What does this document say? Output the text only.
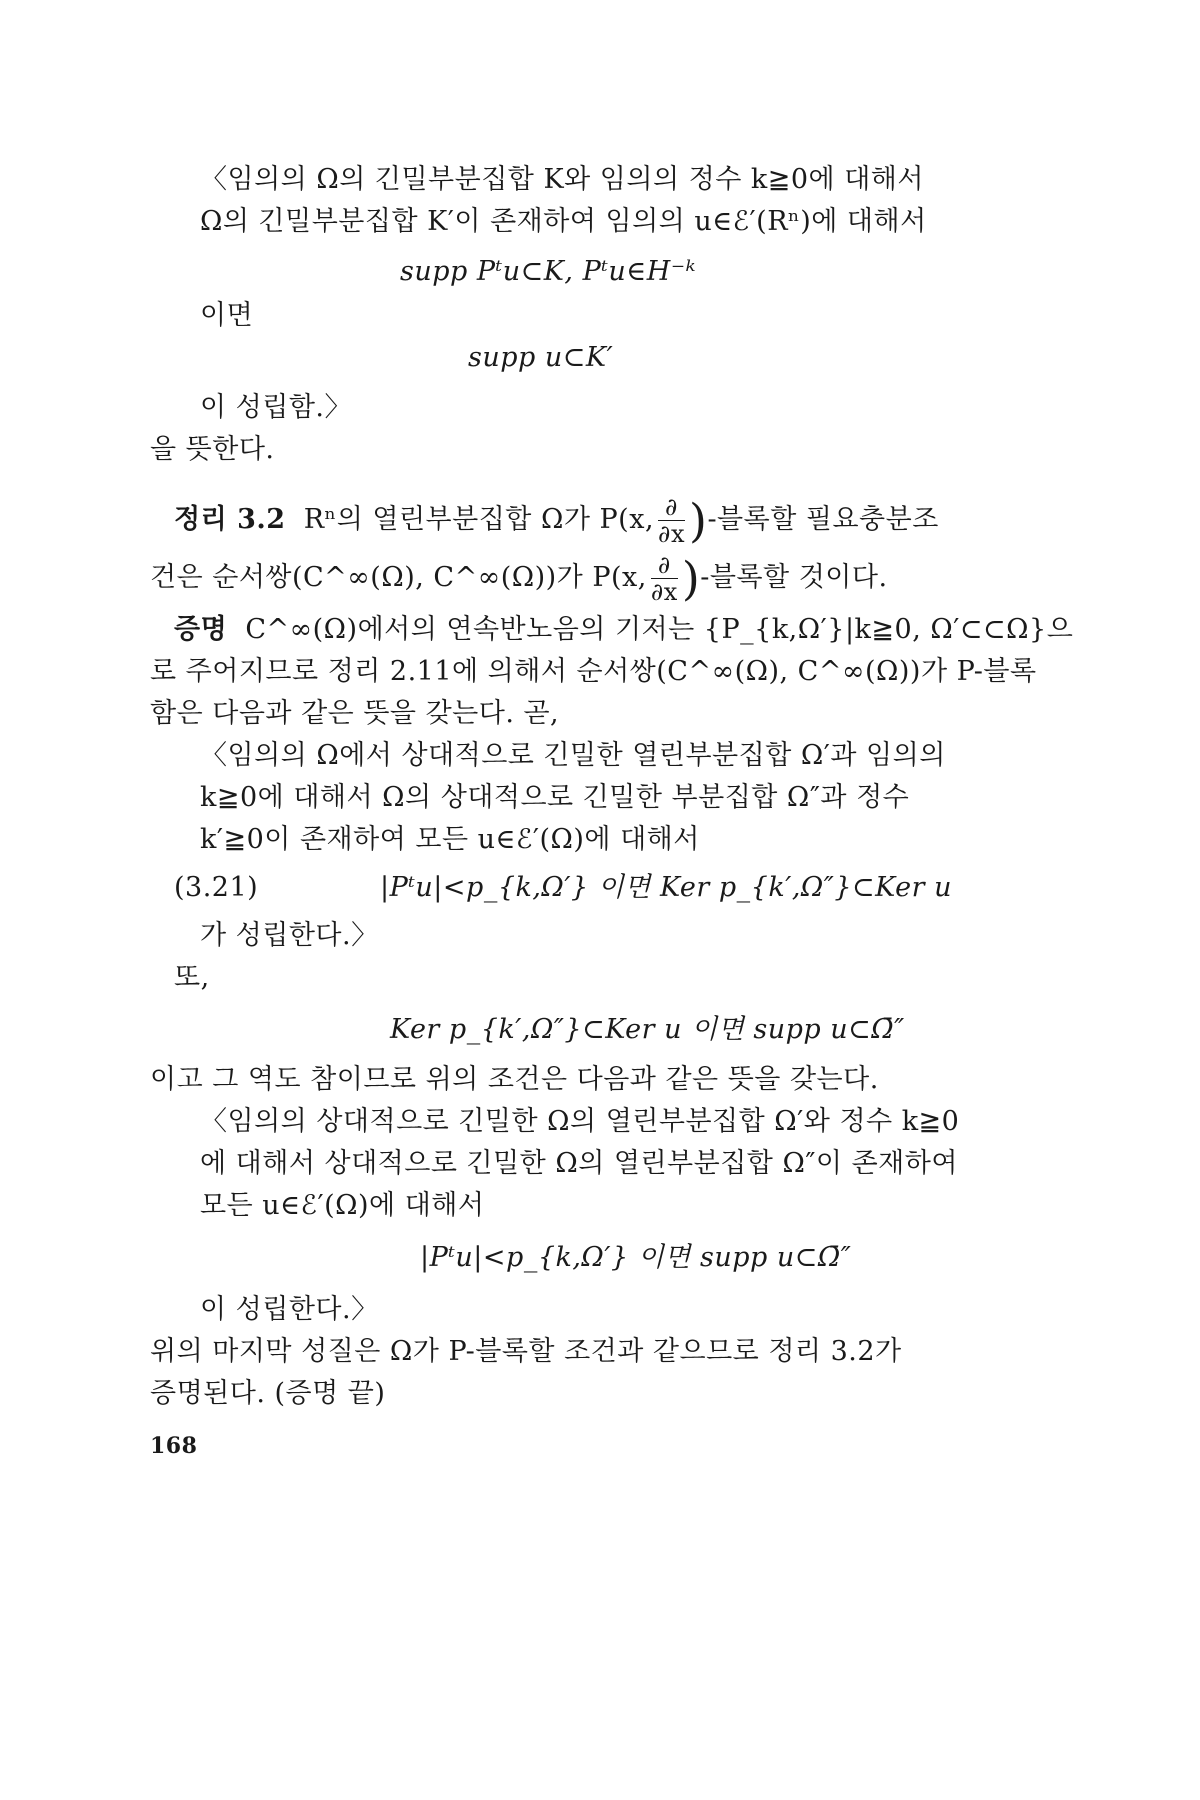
〈임의의 Ω의 긴밀부분집합 K와 임의의 정수 k≧0에 대해서
Ω의 긴밀부분집합 K′이 존재하여 임의의 u∈ℰ′(Rⁿ)에 대해서
supp Pᵗu⊂K, Pᵗu∈H⁻ᵏ
이면
supp u⊂K′
이 성립함.〉
을 뜻한다.
정리 3.2 Rⁿ의 열린부분집합 Ω가 P(x, $\frac{\partial}{\partial x}$ )-블록할 필요충분조
건은 순서쌍(C^∞(Ω), C^∞(Ω))가 P(x, $\frac{\partial}{\partial x}$ )-블록할 것이다.
증명 C^∞(Ω)에서의 연속반노음의 기저는 {P_{k,Ω′}|k≧0, Ω′⊂⊂Ω}으
로 주어지므로 정리 2.11에 의해서 순서쌍(C^∞(Ω), C^∞(Ω))가 P-블록
함은 다음과 같은 뜻을 갖는다. 곧,
〈임의의 Ω에서 상대적으로 긴밀한 열린부분집합 Ω′과 임의의
k≧0에 대해서 Ω의 상대적으로 긴밀한 부분집합 Ω″과 정수
k′≧0이 존재하여 모든 u∈ℰ′(Ω)에 대해서
(3.21)	|Pᵗu|<p_{k,Ω′} 이면 Ker p_{k′,Ω″}⊂Ker u
가 성립한다.〉
또,
Ker p_{k′,Ω″}⊂Ker u 이면 supp u⊂Ω̄″
이고 그 역도 참이므로 위의 조건은 다음과 같은 뜻을 갖는다.
〈임의의 상대적으로 긴밀한 Ω의 열린부분집합 Ω′와 정수 k≧0
에 대해서 상대적으로 긴밀한 Ω의 열린부분집합 Ω″이 존재하여
모든 u∈ℰ′(Ω)에 대해서
|Pᵗu|<p_{k,Ω′} 이면 supp u⊂Ω̄″
이 성립한다.〉
위의 마지막 성질은 Ω가 P-블록할 조건과 같으므로 정리 3.2가
증명된다. (증명 끝)
168
